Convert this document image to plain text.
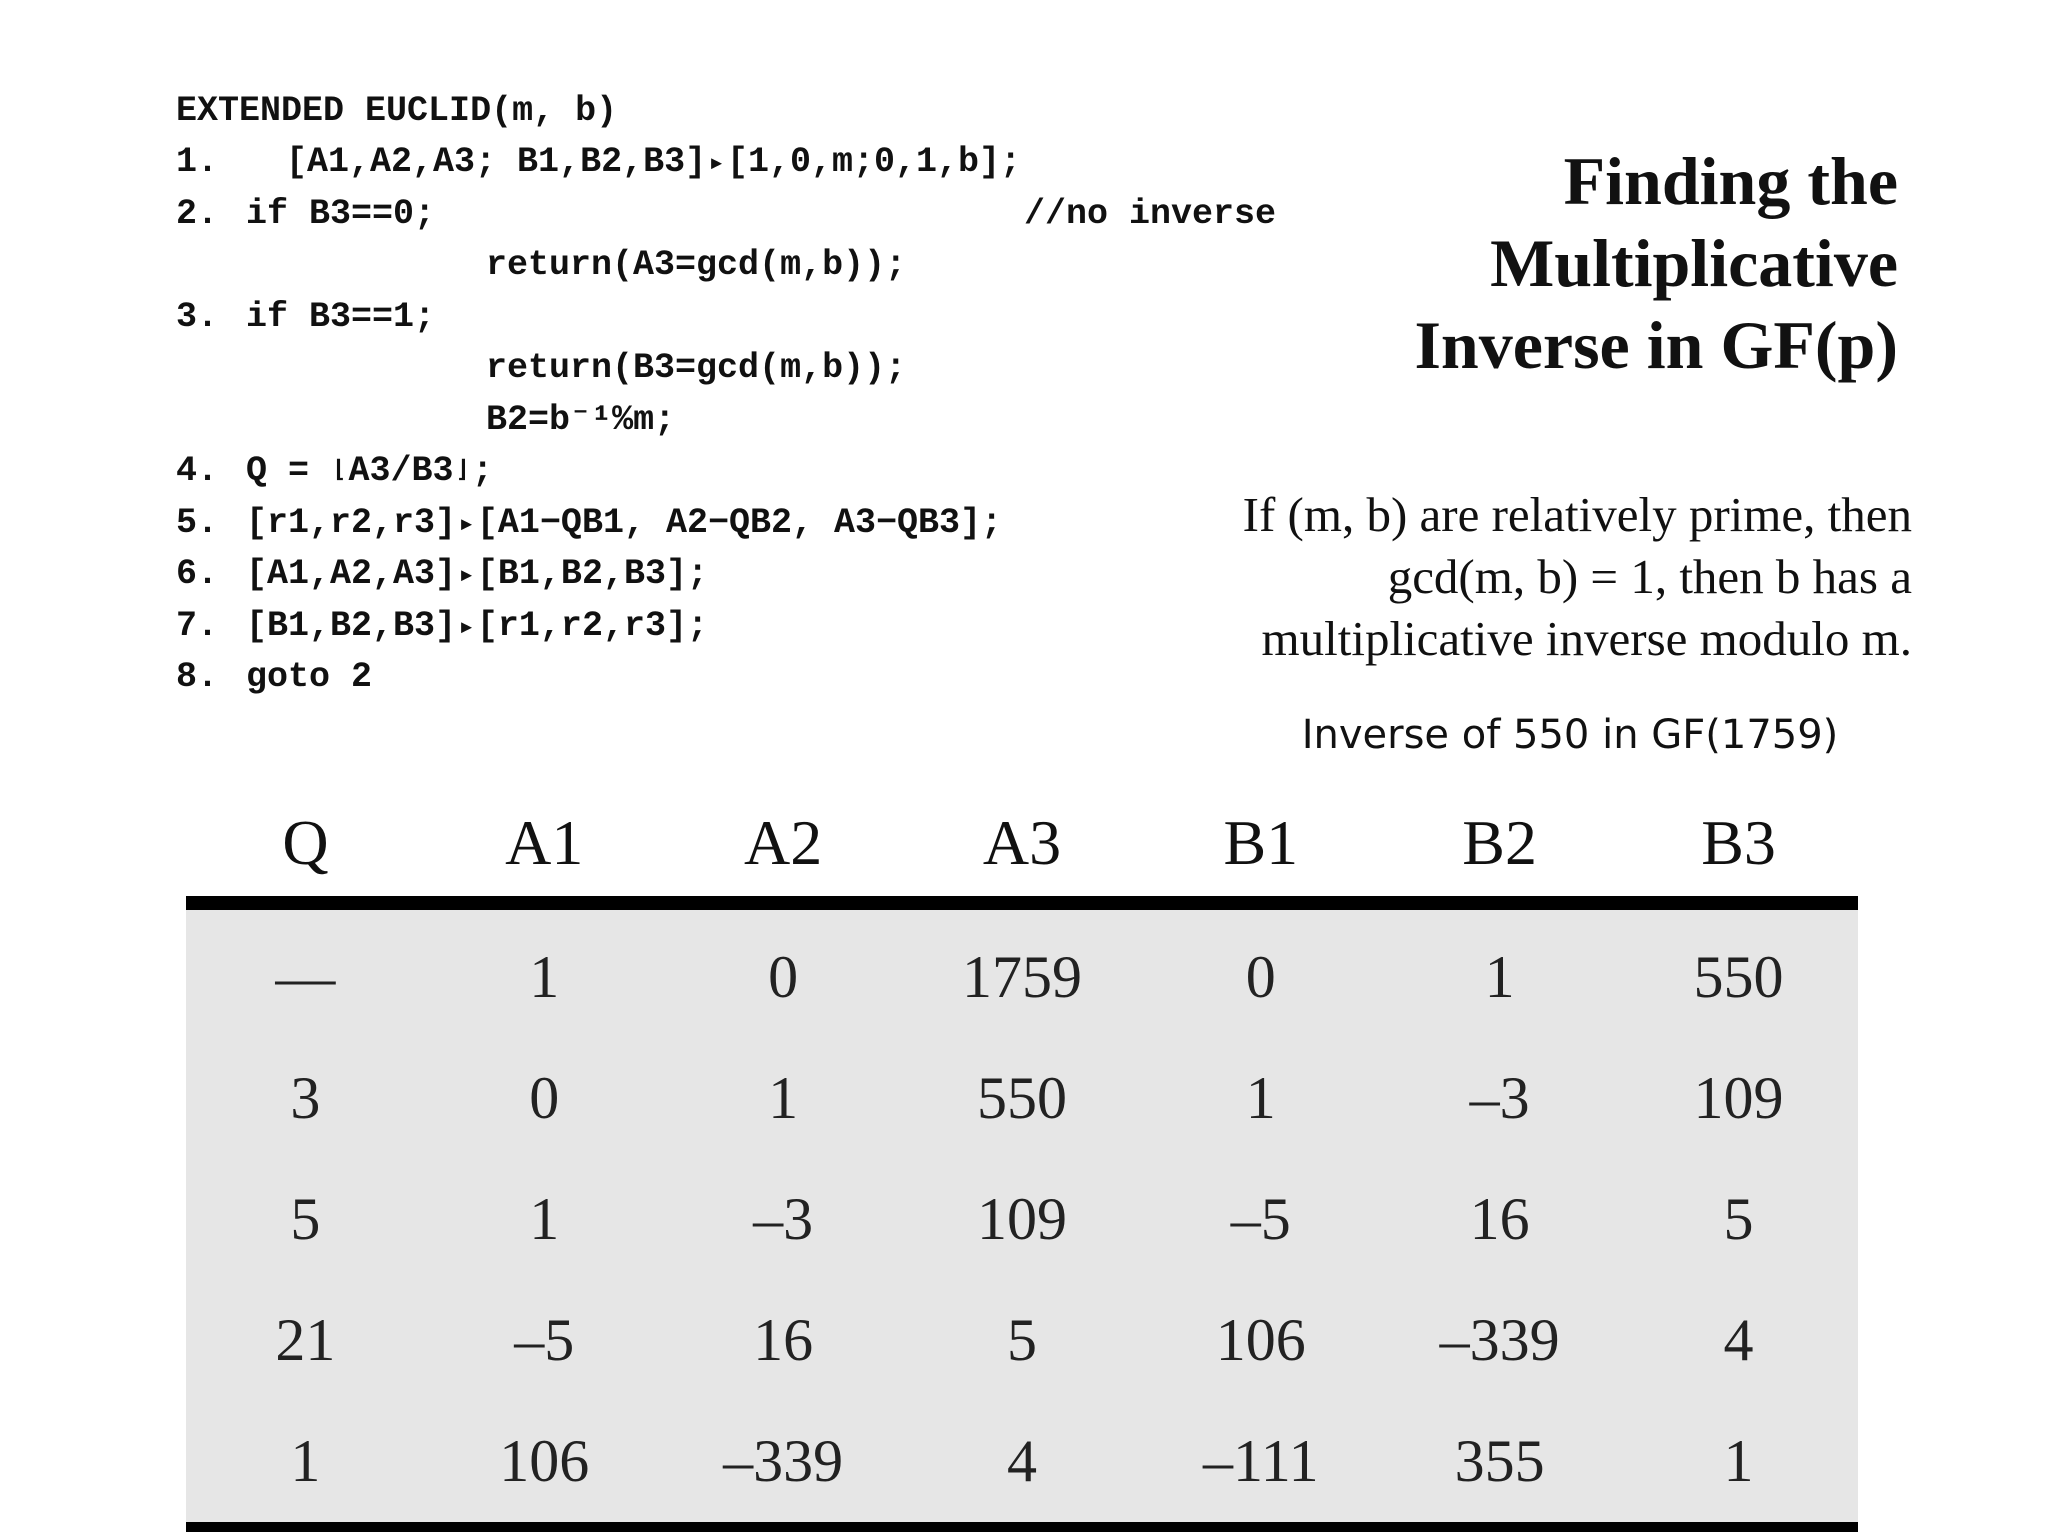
EXTENDED EUCLID(m, b)

1. [A1,A2,A3; B1,B2,B3]▸[1,0,m;0,1,b];

2. if B3==0;

return(A3=gcd(m,b));

//no inverse

3. if B3==1;

return(B3=gcd(m,b));

B2=b⁻¹%m;

4. Q = ⌊A3/B3⌋;

5. [r1,r2,r3]▸[A1−QB1, A2−QB2, A3−QB3];

6. [A1,A2,A3]▸[B1,B2,B3];

7. [B1,B2,B3]▸[r1,r2,r3];

8. goto 2

Finding the
Multiplicative
Inverse in GF(p)
If (m, b) are relatively prime, then
gcd(m, b) = 1, then b has a
multiplicative inverse modulo m.
Inverse of 550 in GF(1759)
Q	A1	A2	A3	B1	B2	B3
—	1	0	1759	0	1	550
3	0	1	550	1	–3	109
5	1	–3	109	–5	16	5
21	–5	16	5	106	–339	4
1	106	–339	4	–111	355	1
